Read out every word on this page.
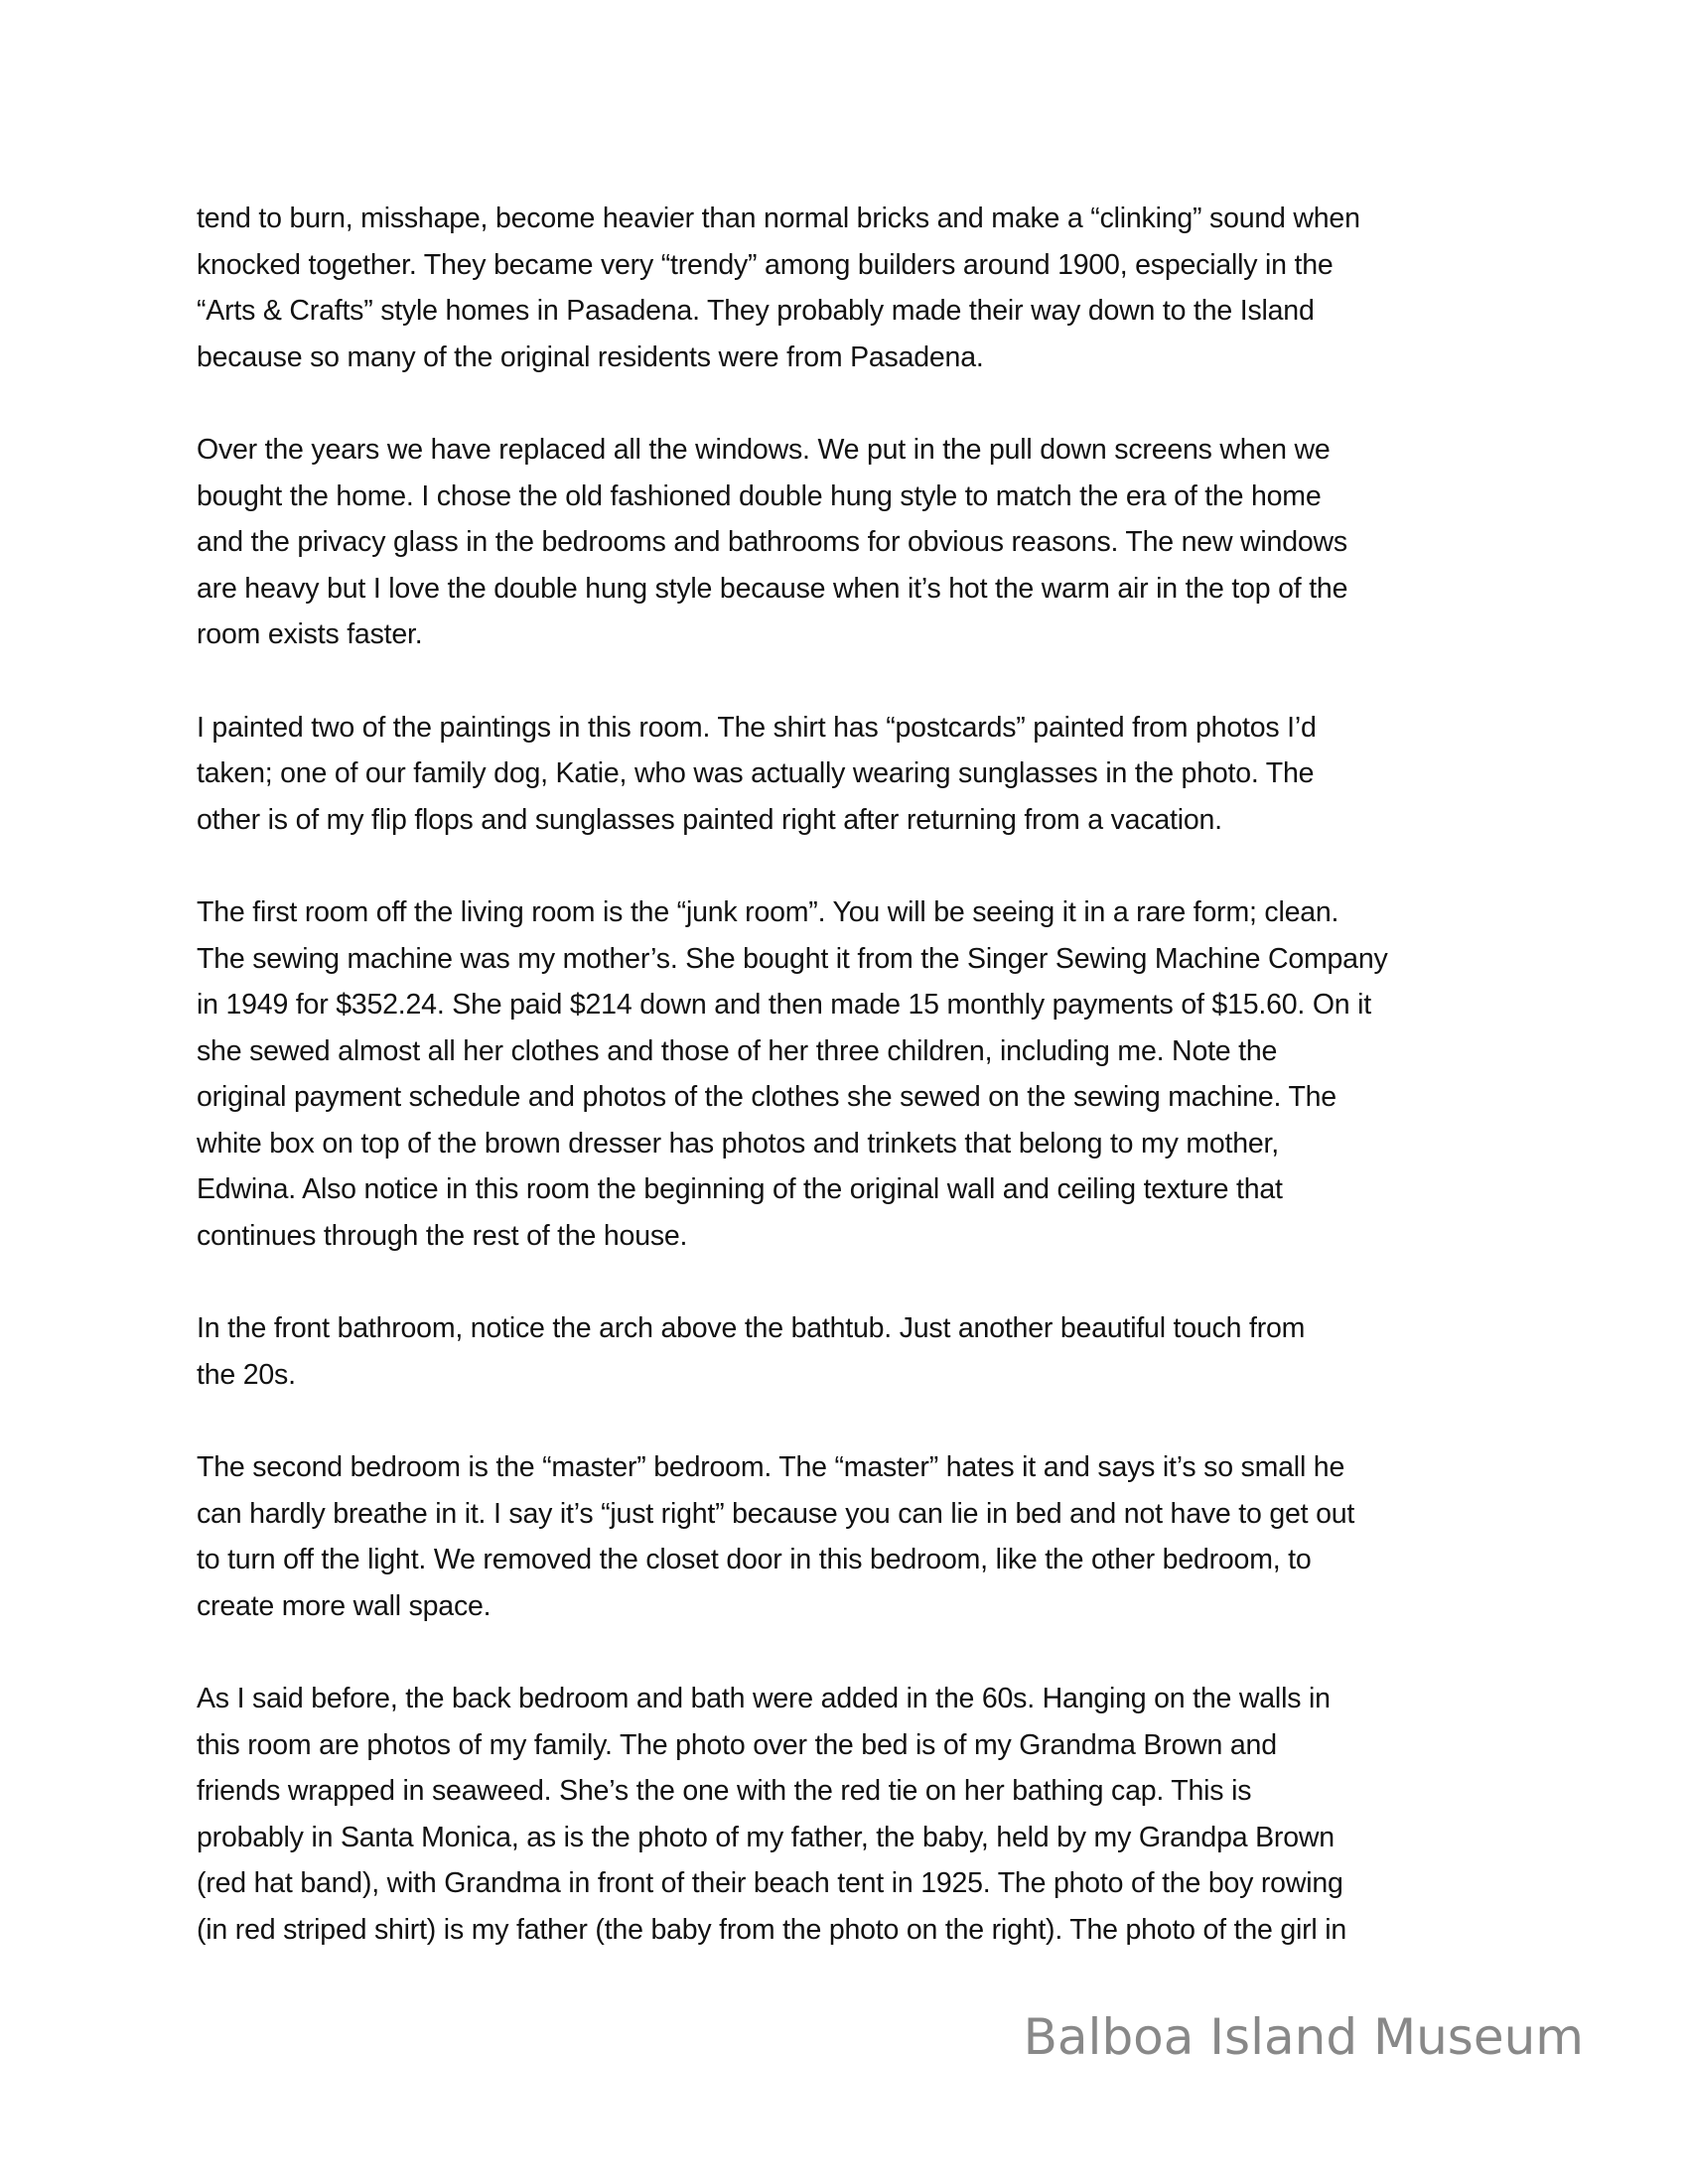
tend to burn, misshape, become heavier than normal bricks and make a “clinking” sound when
knocked together. They became very “trendy” among builders around 1900, especially in the
“Arts & Crafts” style homes in Pasadena. They probably made their way down to the Island
because so many of the original residents were from Pasadena.

Over the years we have replaced all the windows. We put in the pull down screens when we
bought the home. I chose the old fashioned double hung style to match the era of the home
and the privacy glass in the bedrooms and bathrooms for obvious reasons. The new windows
are heavy but I love the double hung style because when it’s hot the warm air in the top of the
room exists faster.

I painted two of the paintings in this room. The shirt has “postcards” painted from photos I’d
taken; one of our family dog, Katie, who was actually wearing sunglasses in the photo. The
other is of my flip flops and sunglasses painted right after returning from a vacation.

The first room off the living room is the “junk room”. You will be seeing it in a rare form; clean.
The sewing machine was my mother’s. She bought it from the Singer Sewing Machine Company
in 1949 for $352.24. She paid $214 down and then made 15 monthly payments of $15.60. On it
she sewed almost all her clothes and those of her three children, including me. Note the
original payment schedule and photos of the clothes she sewed on the sewing machine. The
white box on top of the brown dresser has photos and trinkets that belong to my mother,
Edwina. Also notice in this room the beginning of the original wall and ceiling texture that
continues through the rest of the house.

In the front bathroom, notice the arch above the bathtub. Just another beautiful touch from
the 20s.

The second bedroom is the “master” bedroom. The “master” hates it and says it’s so small he
can hardly breathe in it. I say it’s “just right” because you can lie in bed and not have to get out
to turn off the light. We removed the closet door in this bedroom, like the other bedroom, to
create more wall space.

As I said before, the back bedroom and bath were added in the 60s. Hanging on the walls in
this room are photos of my family. The photo over the bed is of my Grandma Brown and
friends wrapped in seaweed. She’s the one with the red tie on her bathing cap. This is
probably in Santa Monica, as is the photo of my father, the baby, held by my Grandpa Brown
(red hat band), with Grandma in front of their beach tent in 1925. The photo of the boy rowing
(in red striped shirt) is my father (the baby from the photo on the right). The photo of the girl in

Balboa Island Museum
